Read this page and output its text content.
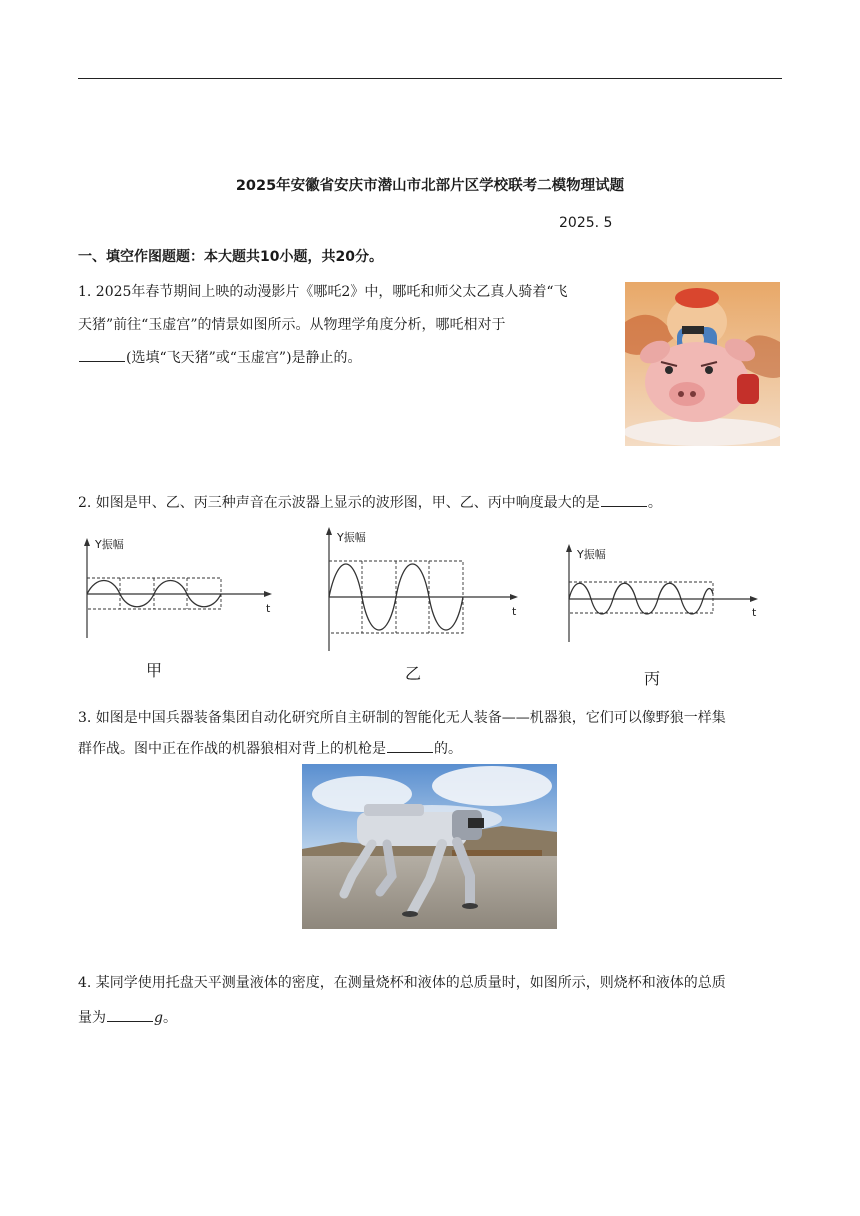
2025年安徽省安庆市潜山市北部片区学校联考二模物理试题
2025. 5
一、填空作图题题：本大题共10小题，共20分。
1. 2025年春节期间上映的动漫影片《哪吒2》中，哪吒和师父太乙真人骑着“飞
天猪”前往“玉虚宫”的情景如图所示。从物理学角度分析，哪吒相对于
(选填“飞天猪”或“玉虚宫”)是静止的。
2. 如图是甲、乙、丙三种声音在示波器上显示的波形图，甲、乙、丙中响度最大的是	。
Y振幅
t
甲
Y振幅
t
乙
Y振幅
t
丙
3. 如图是中国兵器装备集团自动化研究所自主研制的智能化无人装备——机器狼，它们可以像野狼一样集
群作战。图中正在作战的机器狼相对背上的机枪是	的。
4. 某同学使用托盘天平测量液体的密度，在测量烧杯和液体的总质量时，如图所示，则烧杯和液体的总质
量为	g。
